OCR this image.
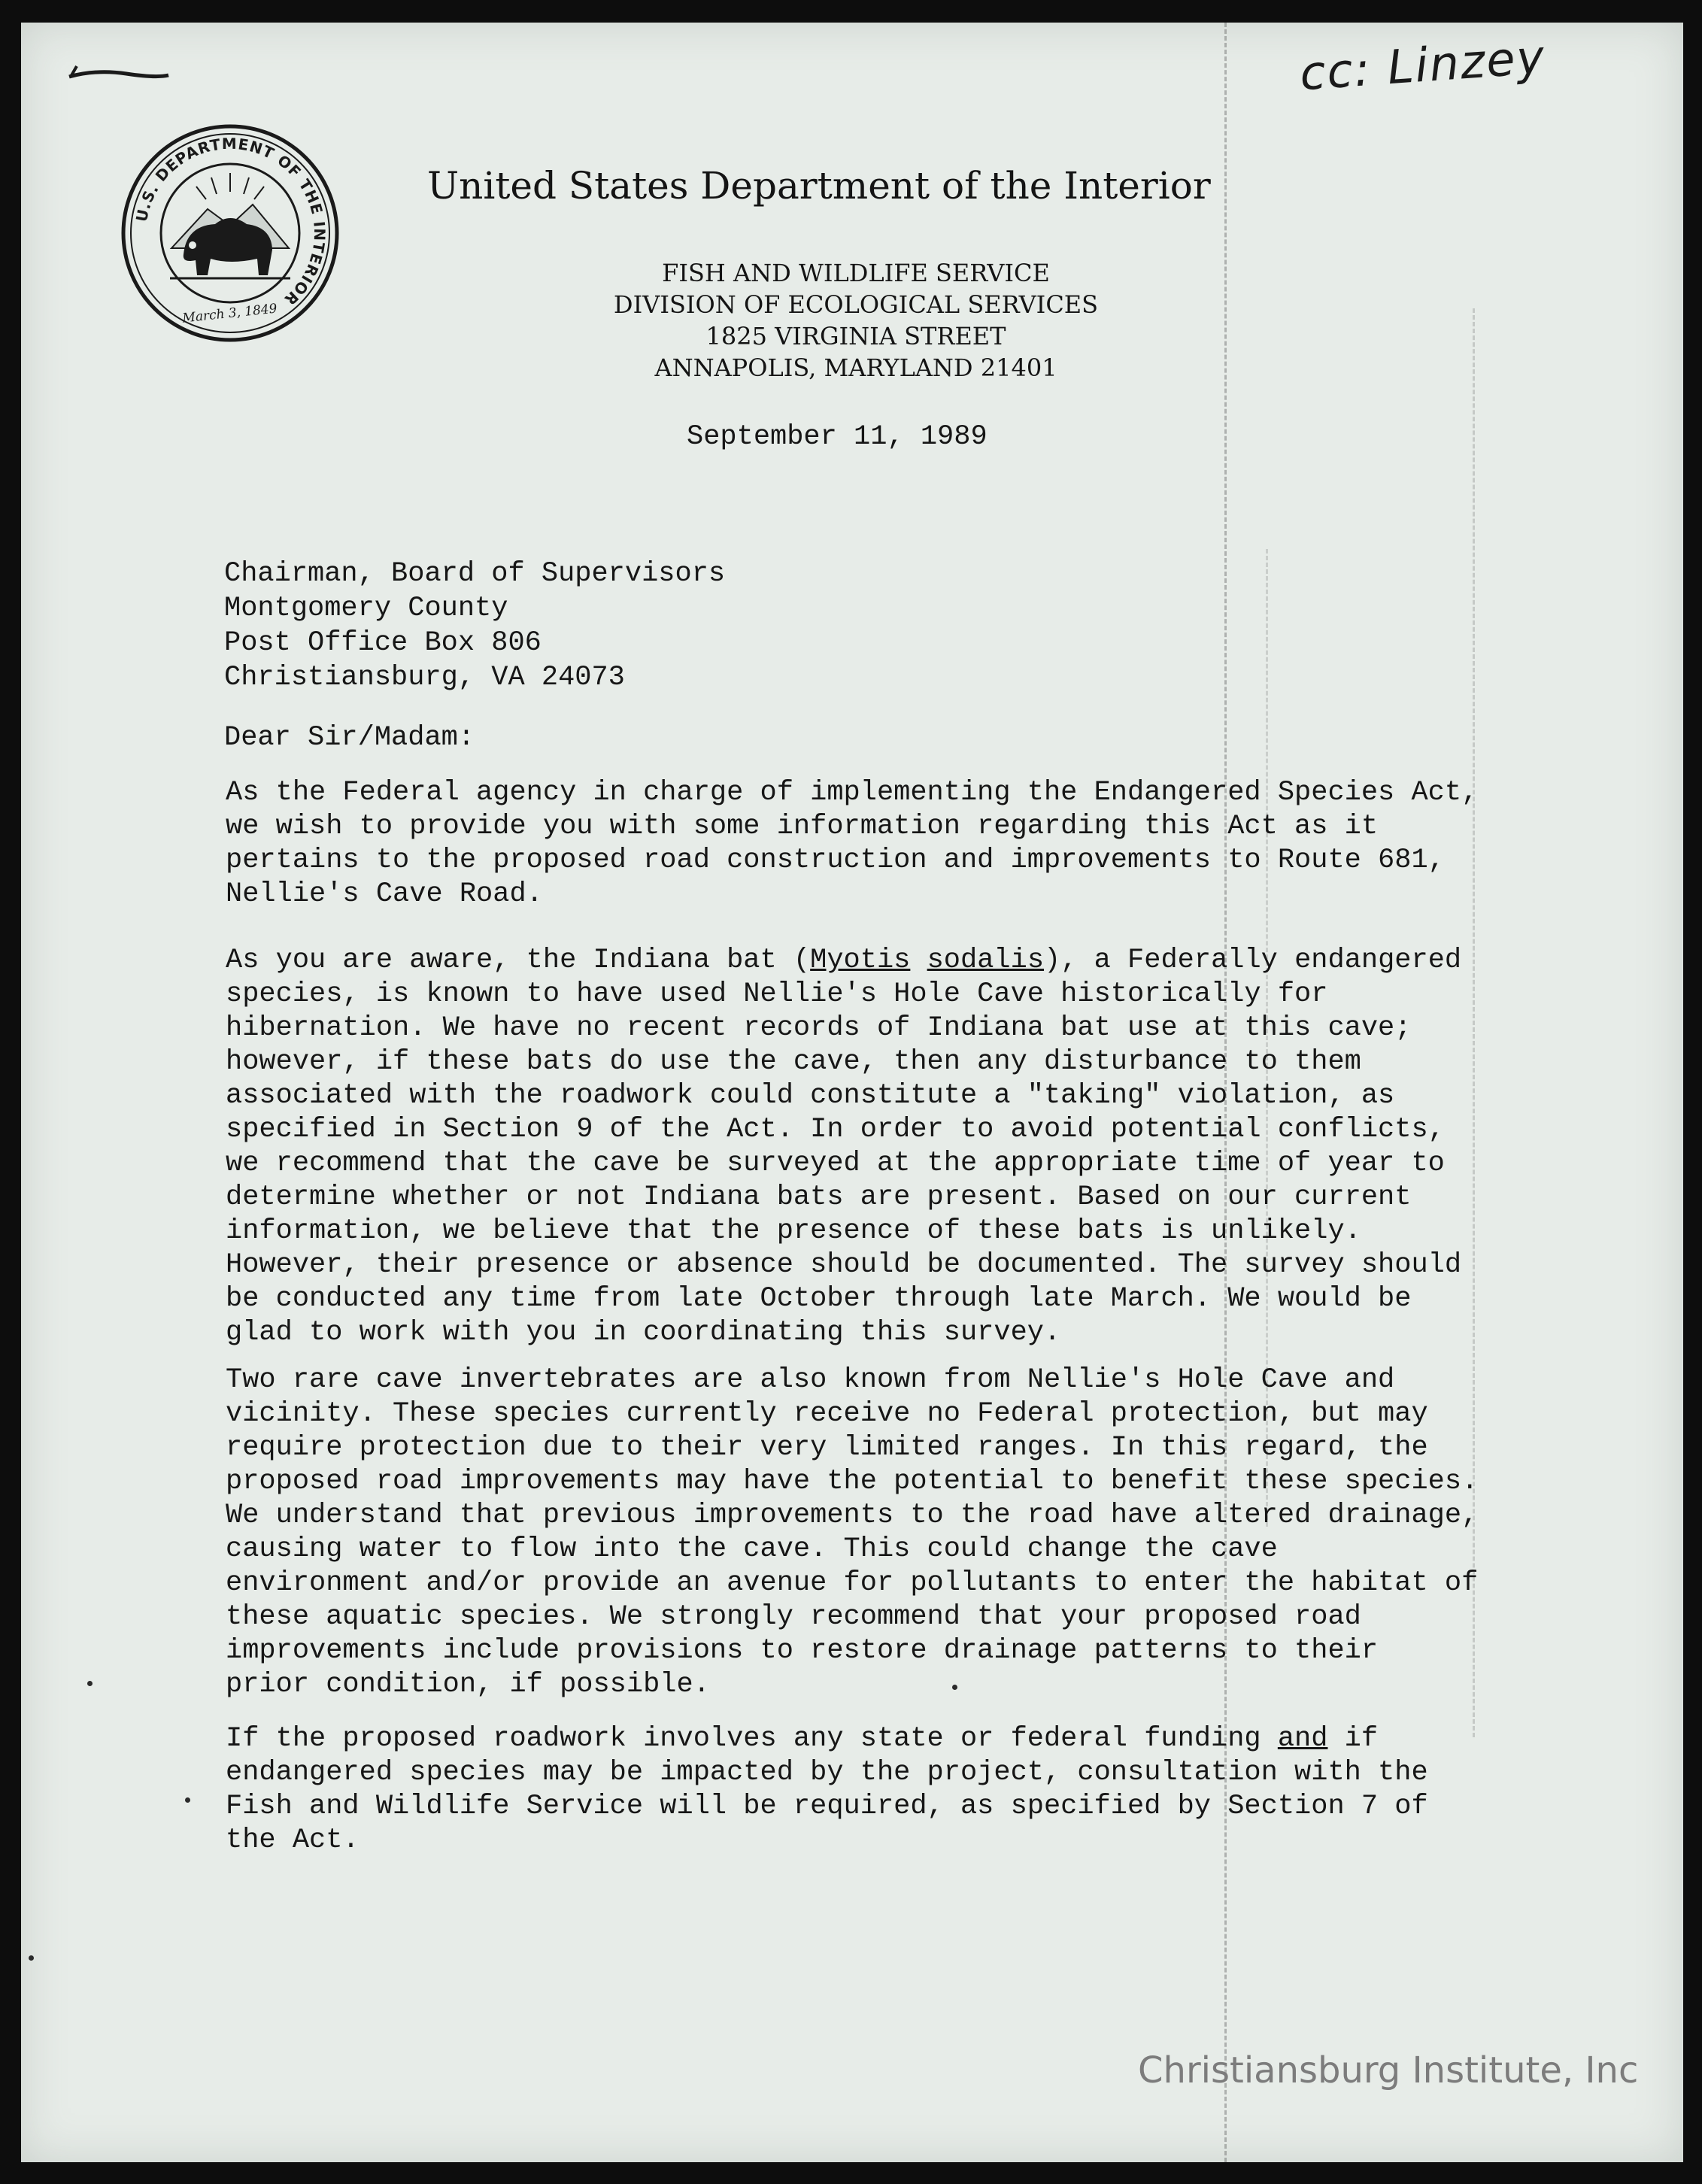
cc: Linzey
U.S. DEPARTMENT OF THE INTERIOR
March 3, 1849
United States Department of the Interior
FISH AND WILDLIFE SERVICE
DIVISION OF ECOLOGICAL SERVICES
1825 VIRGINIA STREET
ANNAPOLIS, MARYLAND 21401
September 11, 1989
Chairman, Board of Supervisors
Montgomery County
Post Office Box 806
Christiansburg, VA 24073
Dear Sir/Madam:
As the Federal agency in charge of implementing the Endangered Species Act,
we wish to provide you with some information regarding this Act as it
pertains to the proposed road construction and improvements to Route 681,
Nellie's Cave Road.
As you are aware, the Indiana bat (Myotis sodalis), a Federally endangered
species, is known to have used Nellie's Hole Cave historically for
hibernation. We have no recent records of Indiana bat use at this cave;
however, if these bats do use the cave, then any disturbance to them
associated with the roadwork could constitute a "taking" violation, as
specified in Section 9 of the Act. In order to avoid potential conflicts,
we recommend that the cave be surveyed at the appropriate time of year to
determine whether or not Indiana bats are present. Based on our current
information, we believe that the presence of these bats is unlikely.
However, their presence or absence should be documented. The survey should
be conducted any time from late October through late March. We would be
glad to work with you in coordinating this survey.
Two rare cave invertebrates are also known from Nellie's Hole Cave and
vicinity. These species currently receive no Federal protection, but may
require protection due to their very limited ranges. In this regard, the
proposed road improvements may have the potential to benefit these species.
We understand that previous improvements to the road have altered drainage,
causing water to flow into the cave. This could change the cave
environment and/or provide an avenue for pollutants to enter the habitat of
these aquatic species. We strongly recommend that your proposed road
improvements include provisions to restore drainage patterns to their
prior condition, if possible.
If the proposed roadwork involves any state or federal funding and if
endangered species may be impacted by the project, consultation with the
Fish and Wildlife Service will be required, as specified by Section 7 of
the Act.
Christiansburg Institute, Inc
